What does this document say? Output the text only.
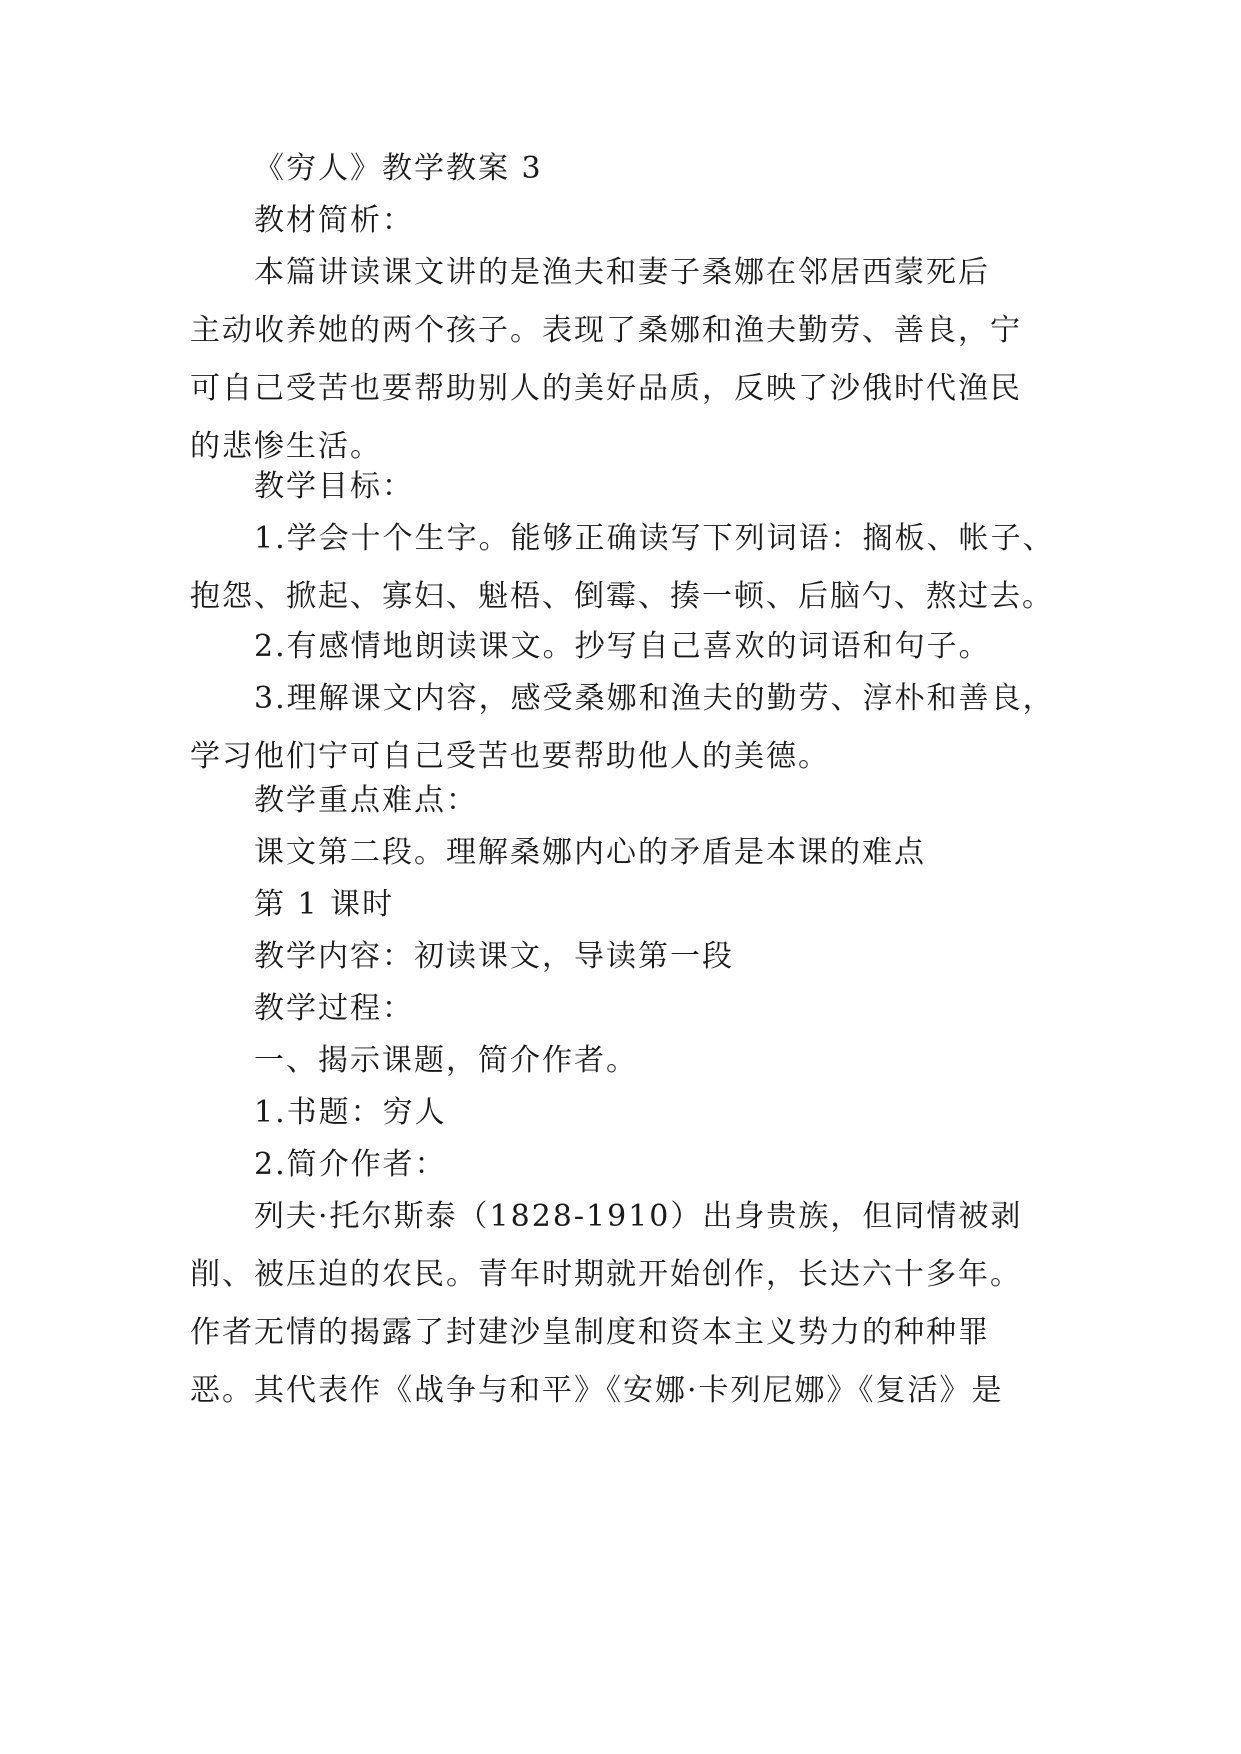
《穷人》教学教案 3

教材简析：

本篇讲读课文讲的是渔夫和妻子桑娜在邻居西蒙死后
主动收养她的两个孩子。表现了桑娜和渔夫勤劳、善良，宁
可自己受苦也要帮助别人的美好品质，反映了沙俄时代渔民
的悲惨生活。

教学目标：

1.学会十个生字。能够正确读写下列词语：搁板、帐子、
抱怨、掀起、寡妇、魁梧、倒霉、揍一顿、后脑勺、熬过去。

2.有感情地朗读课文。抄写自己喜欢的词语和句子。

3.理解课文内容，感受桑娜和渔夫的勤劳、淳朴和善良，
学习他们宁可自己受苦也要帮助他人的美德。

教学重点难点：

课文第二段。理解桑娜内心的矛盾是本课的难点

第 1 课时

教学内容：初读课文，导读第一段

教学过程：

一、揭示课题，简介作者。

1.书题：穷人

2.简介作者：

列夫·托尔斯泰（1828-1910）出身贵族，但同情被剥
削、被压迫的农民。青年时期就开始创作，长达六十多年。
作者无情的揭露了封建沙皇制度和资本主义势力的种种罪
恶。其代表作《战争与和平》《安娜·卡列尼娜》《复活》是
